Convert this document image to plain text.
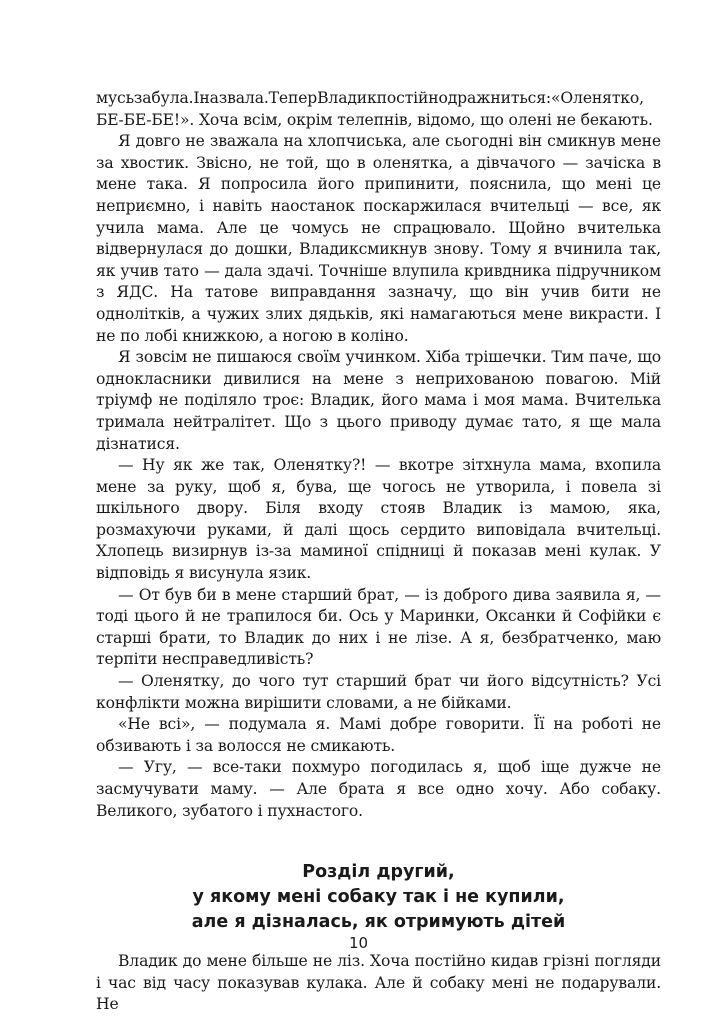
мусьзабула.Іназвала.ТеперВладикпостійнодражниться:«Оленятко, БЕ-БЕ-БЕ!». Хоча всім, окрім телепнів, відомо, що олені не бекають.

Я довго не зважала на хлопчиська, але сьогодні він смикнув мене за хвостик. Звісно, не той, що в оленятка, а дівчачого — зачіска в мене така. Я попросила його припинити, пояснила, що мені це неприємно, і навіть наостанок поскаржилася вчительці — все, як учила мама. Але це чомусь не спрацювало. Щойно вчителька відвернулася до дошки, Владиксмикнув знову. Тому я вчинила так, як учив тато — дала здачі. Точніше влупила кривдника підручником з ЯДС. На татове виправдання зазначу, що він учив бити не однолітків, а чужих злих дядьків, які намагаються мене викрасти. І не по лобі книжкою, а ногою в коліно.

Я зовсім не пишаюся своїм учинком. Хіба трішечки. Тим паче, що однокласники дивилися на мене з неприхованою повагою. Мій тріумф не поділяло троє: Владик, його мама і моя мама. Вчителька тримала нейтралітет. Що з цього приводу думає тато, я ще мала дізнатися.

— Ну як же так, Оленятку?! — вкотре зітхнула мама, вхопила мене за руку, щоб я, бува, ще чогось не утворила, і повела зі шкільного двору. Біля входу стояв Владик із мамою, яка, розмахуючи руками, й далі щось сердито виповідала вчительці. Хлопець визирнув із-за маминої спідниці й показав мені кулак. У відповідь я висунула язик.

— От був би в мене старший брат, — із доброго дива заявила я, — тоді цього й не трапилося би. Ось у Маринки, Оксанки й Софійки є старші брати, то Владик до них і не лізе. А я, безбратченко, маю терпіти несправедливість?

— Оленятку, до чого тут старший брат чи його відсутність? Усі конфлікти можна вирішити словами, а не бійками.

«Не всі», — подумала я. Мамі добре говорити. Її на роботі не обзивають і за волосся не смикають.

— Угу, — все-таки похмуро погодилась я, щоб іще дужче не засмучувати маму. — Але брата я все одно хочу. Або собаку. Великого, зубатого і пухнастого.

Розділ другий,
у якому мені собаку так і не купили,
але я дізналась, як отримують дітей

Владик до мене більше не ліз. Хоча постійно кидав грізні погляди і час від часу показував кулака. Але й собаку мені не подарували. Не

10
